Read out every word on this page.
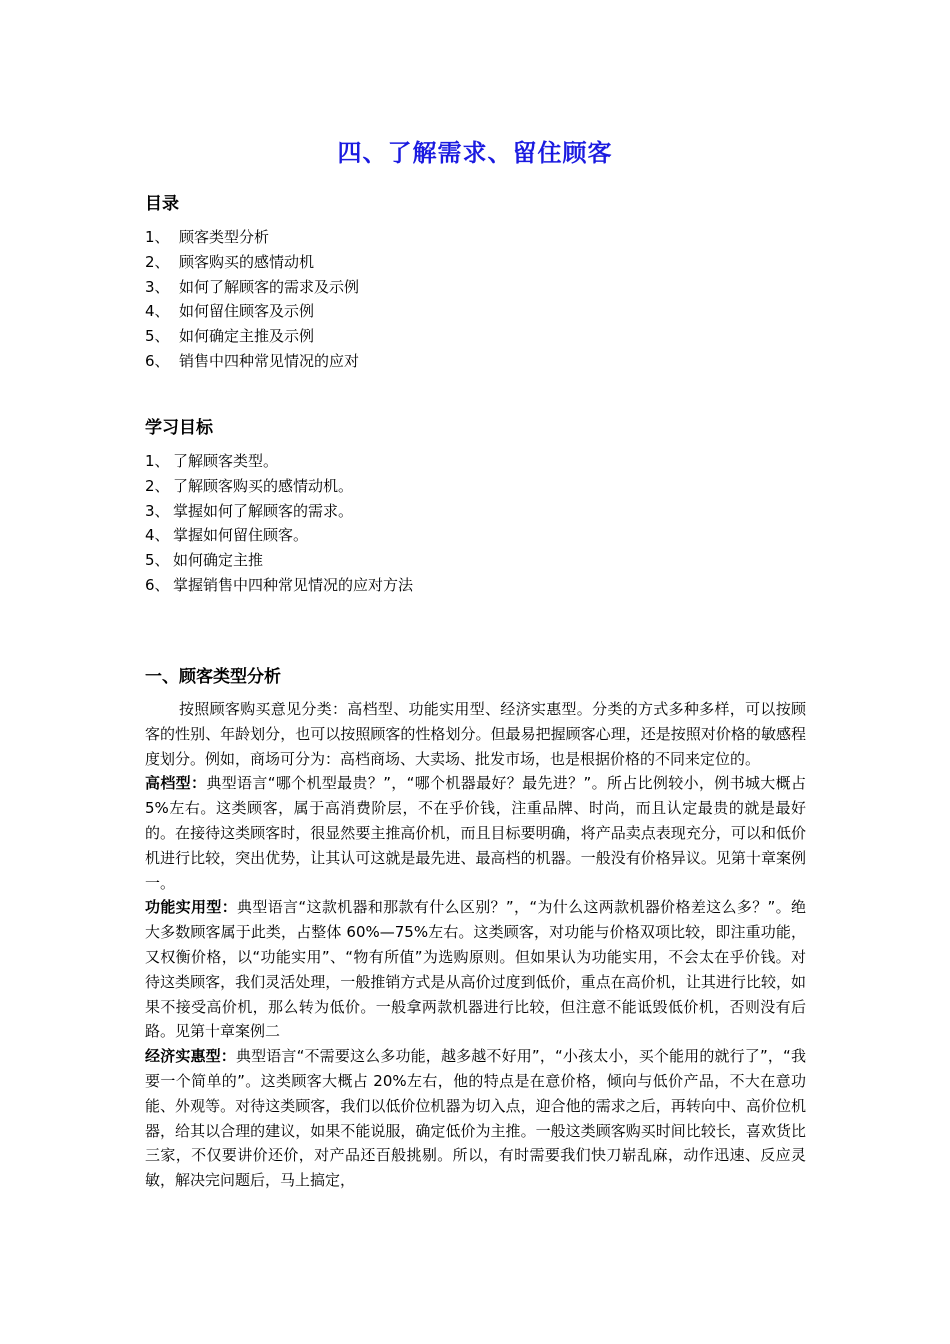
四、了解需求、留住顾客
目录
1、 顾客类型分析
2、 顾客购买的感情动机
3、 如何了解顾客的需求及示例
4、 如何留住顾客及示例
5、 如何确定主推及示例
6、 销售中四种常见情况的应对
学习目标
1、 了解顾客类型。
2、 了解顾客购买的感情动机。
3、 掌握如何了解顾客的需求。
4、 掌握如何留住顾客。
5、 如何确定主推
6、 掌握销售中四种常见情况的应对方法
一、顾客类型分析

按照顾客购买意见分类：高档型、功能实用型、经济实惠型。分类的方式多种多样，可以按顾客的性别、年龄划分，也可以按照顾客的性格划分。但最易把握顾客心理，还是按照对价格的敏感程度划分。例如，商场可分为：高档商场、大卖场、批发市场，也是根据价格的不同来定位的。

高档型：典型语言“哪个机型最贵？”，“哪个机器最好？最先进？”。所占比例较小，例书城大概占 5%左右。这类顾客，属于高消费阶层，不在乎价钱，注重品牌、时尚，而且认定最贵的就是最好的。在接待这类顾客时，很显然要主推高价机，而且目标要明确，将产品卖点表现充分，可以和低价机进行比较，突出优势，让其认可这就是最先进、最高档的机器。一般没有价格异议。见第十章案例一。

功能实用型：典型语言“这款机器和那款有什么区别？”，“为什么这两款机器价格差这么多？”。绝大多数顾客属于此类，占整体 60%—75%左右。这类顾客，对功能与价格双项比较，即注重功能，又权衡价格，以“功能实用”、“物有所值”为选购原则。但如果认为功能实用，不会太在乎价钱。对待这类顾客，我们灵活处理，一般推销方式是从高价过度到低价，重点在高价机，让其进行比较，如果不接受高价机，那么转为低价。一般拿两款机器进行比较，但注意不能诋毁低价机，否则没有后路。见第十章案例二

经济实惠型：典型语言“不需要这么多功能，越多越不好用”，“小孩太小，买个能用的就行了”，“我要一个简单的”。这类顾客大概占 20%左右，他的特点是在意价格，倾向与低价产品，不大在意功能、外观等。对待这类顾客，我们以低价位机器为切入点，迎合他的需求之后，再转向中、高价位机器，给其以合理的建议，如果不能说服，确定低价为主推。一般这类顾客购买时间比较长，喜欢货比三家，不仅要讲价还价，对产品还百般挑剔。所以，有时需要我们快刀崭乱麻，动作迅速、反应灵敏，解决完问题后，马上搞定，
